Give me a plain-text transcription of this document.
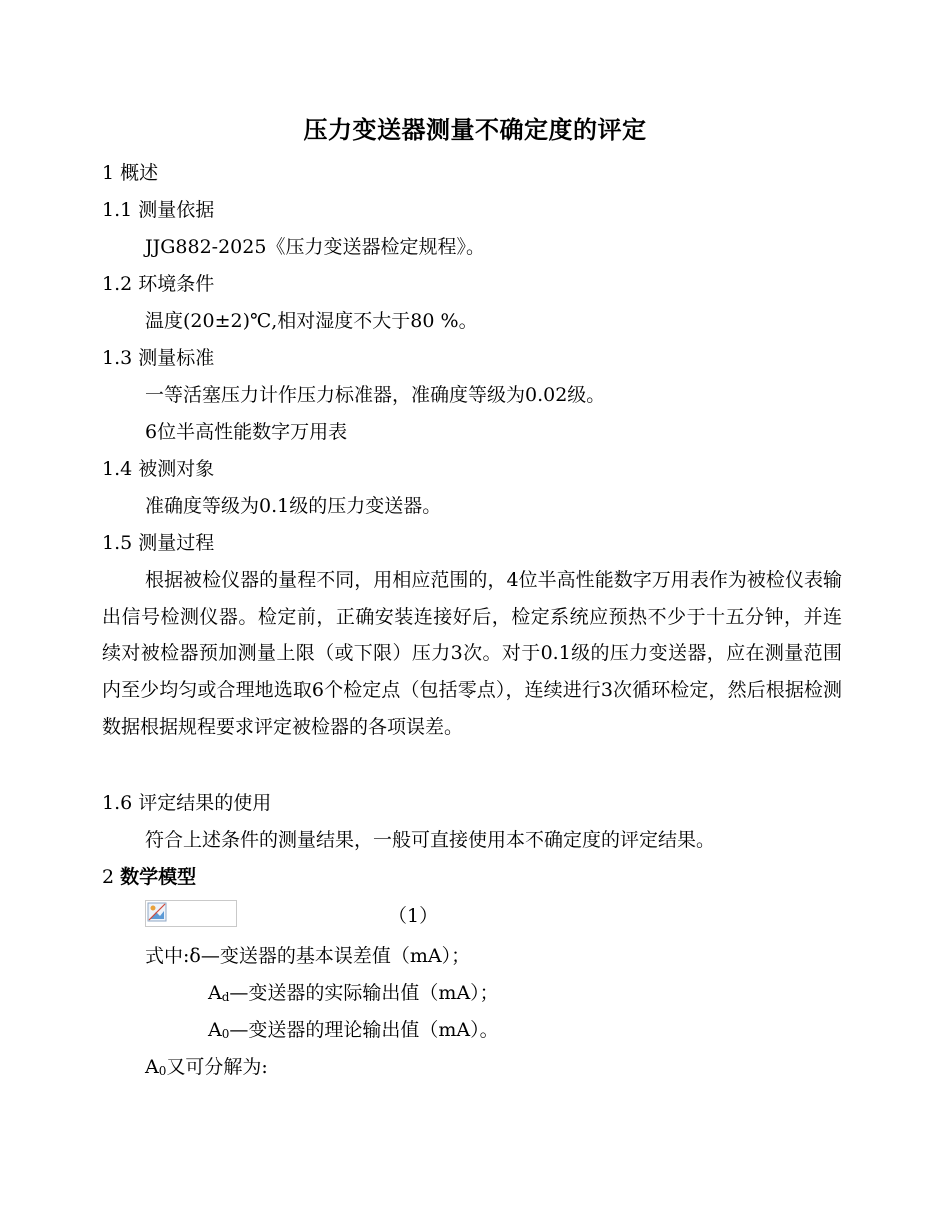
压力变送器测量不确定度的评定
1 概述
1.1 测量依据
JJG882-2025《压力变送器检定规程》。
1.2 环境条件
温度(20±2)℃,相对湿度不大于80 %。
1.3 测量标准
一等活塞压力计作压力标准器，准确度等级为0.02级。
6位半高性能数字万用表
1.4 被测对象
准确度等级为0.1级的压力变送器。
1.5 测量过程
根据被检仪器的量程不同，用相应范围的，4位半高性能数字万用表作为被检仪表输出信号检测仪器。检定前，正确安装连接好后，检定系统应预热不少于十五分钟，并连续对被检器预加测量上限（或下限）压力3次。对于0.1级的压力变送器，应在测量范围内至少均匀或合理地选取6个检定点（包括零点），连续进行3次循环检定，然后根据检测数据根据规程要求评定被检器的各项误差。
1.6 评定结果的使用
符合上述条件的测量结果，一般可直接使用本不确定度的评定结果。
2 数学模型
（1）
式中:δ—变送器的基本误差值（mA）；
$A_d—$变送器的实际输出值（mA）；
$A_0—$变送器的理论输出值（mA）。
$A_0$又可分解为:
